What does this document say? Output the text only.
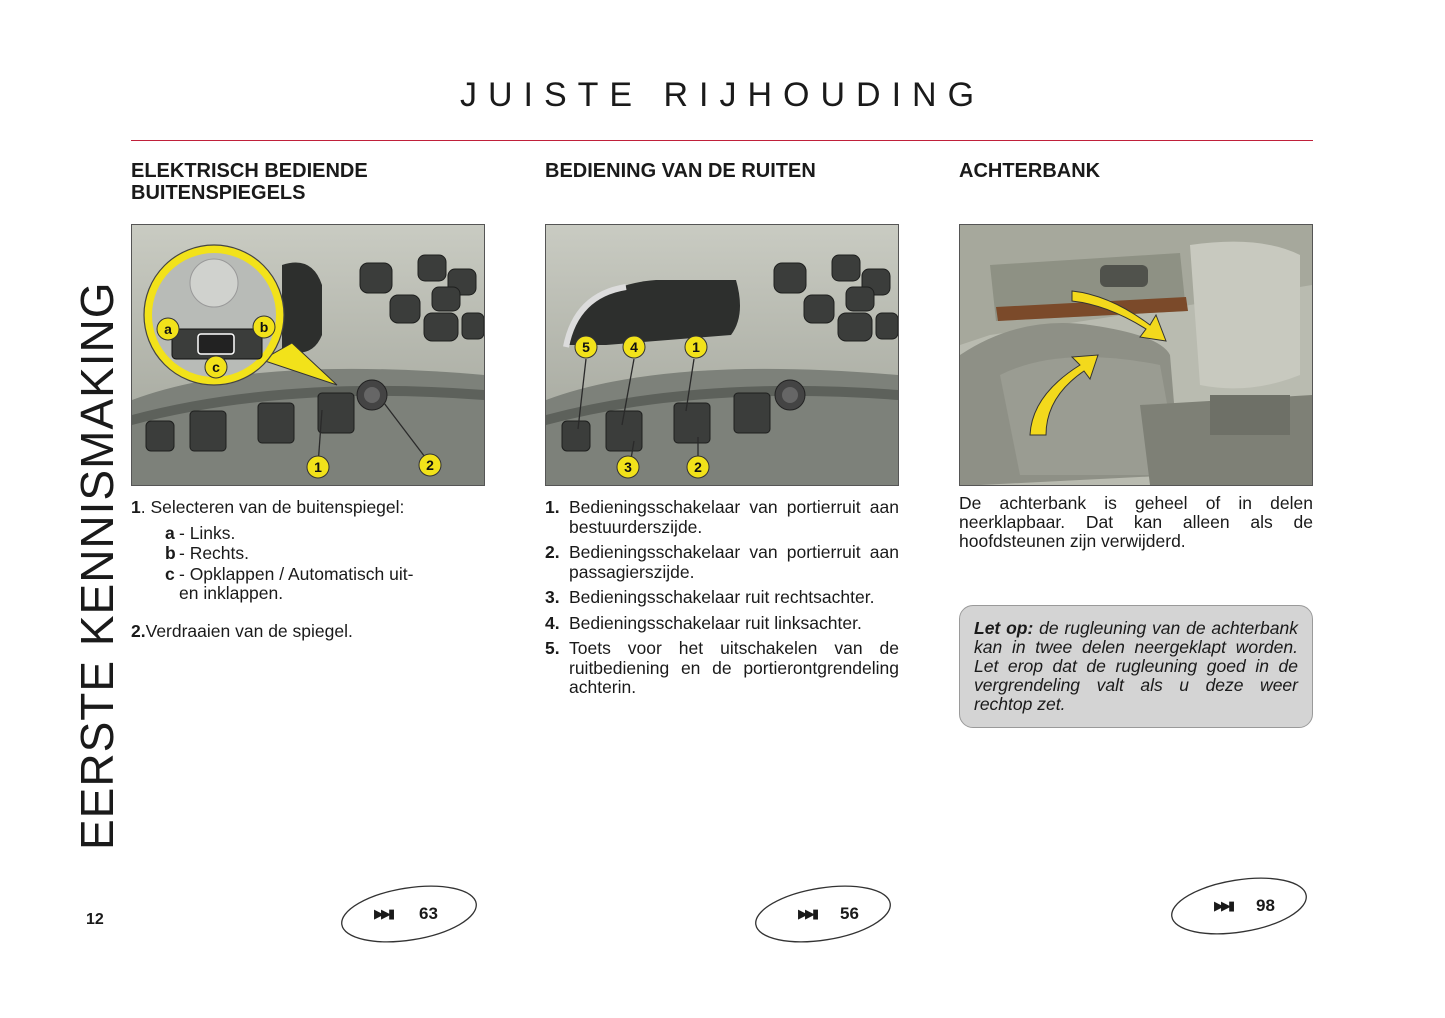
JUISTE RIJHOUDING
EERSTE KENNISMAKING
12
ELEKTRISCH BEDIENDE BUITENSPIEGELS
a	b
c
1	2
1 . Selecteren van de buitenspiegel:
a - Links.
b - Rechts.
c - Opklappen / Automatisch uit- en inklappen.
2. Verdraaien van de spiegel.
BEDIENING VAN DE RUITEN
5	4	1
3	2
1. Bedieningsschakelaar van portierruit aan bestuurderszijde.
2. Bedieningsschakelaar van portierruit aan passagierszijde.
3. Bedieningsschakelaar ruit rechtsachter.
4. Bedieningsschakelaar ruit linksachter.
5. Toets voor het uitschakelen van de ruitbediening en de portierontgrendeling achterin.
ACHTERBANK
De achterbank is geheel of in delen neerklapbaar. Dat kan alleen als de hoofdsteunen zijn verwijderd.
Let op: de rugleuning van de achterbank kan in twee delen neergeklapt worden. Let erop dat de rugleuning goed in de vergrendeling valt als u deze weer rechtop zet.
▶▶▮ 63	▶▶▮ 56	▶▶▮ 98
